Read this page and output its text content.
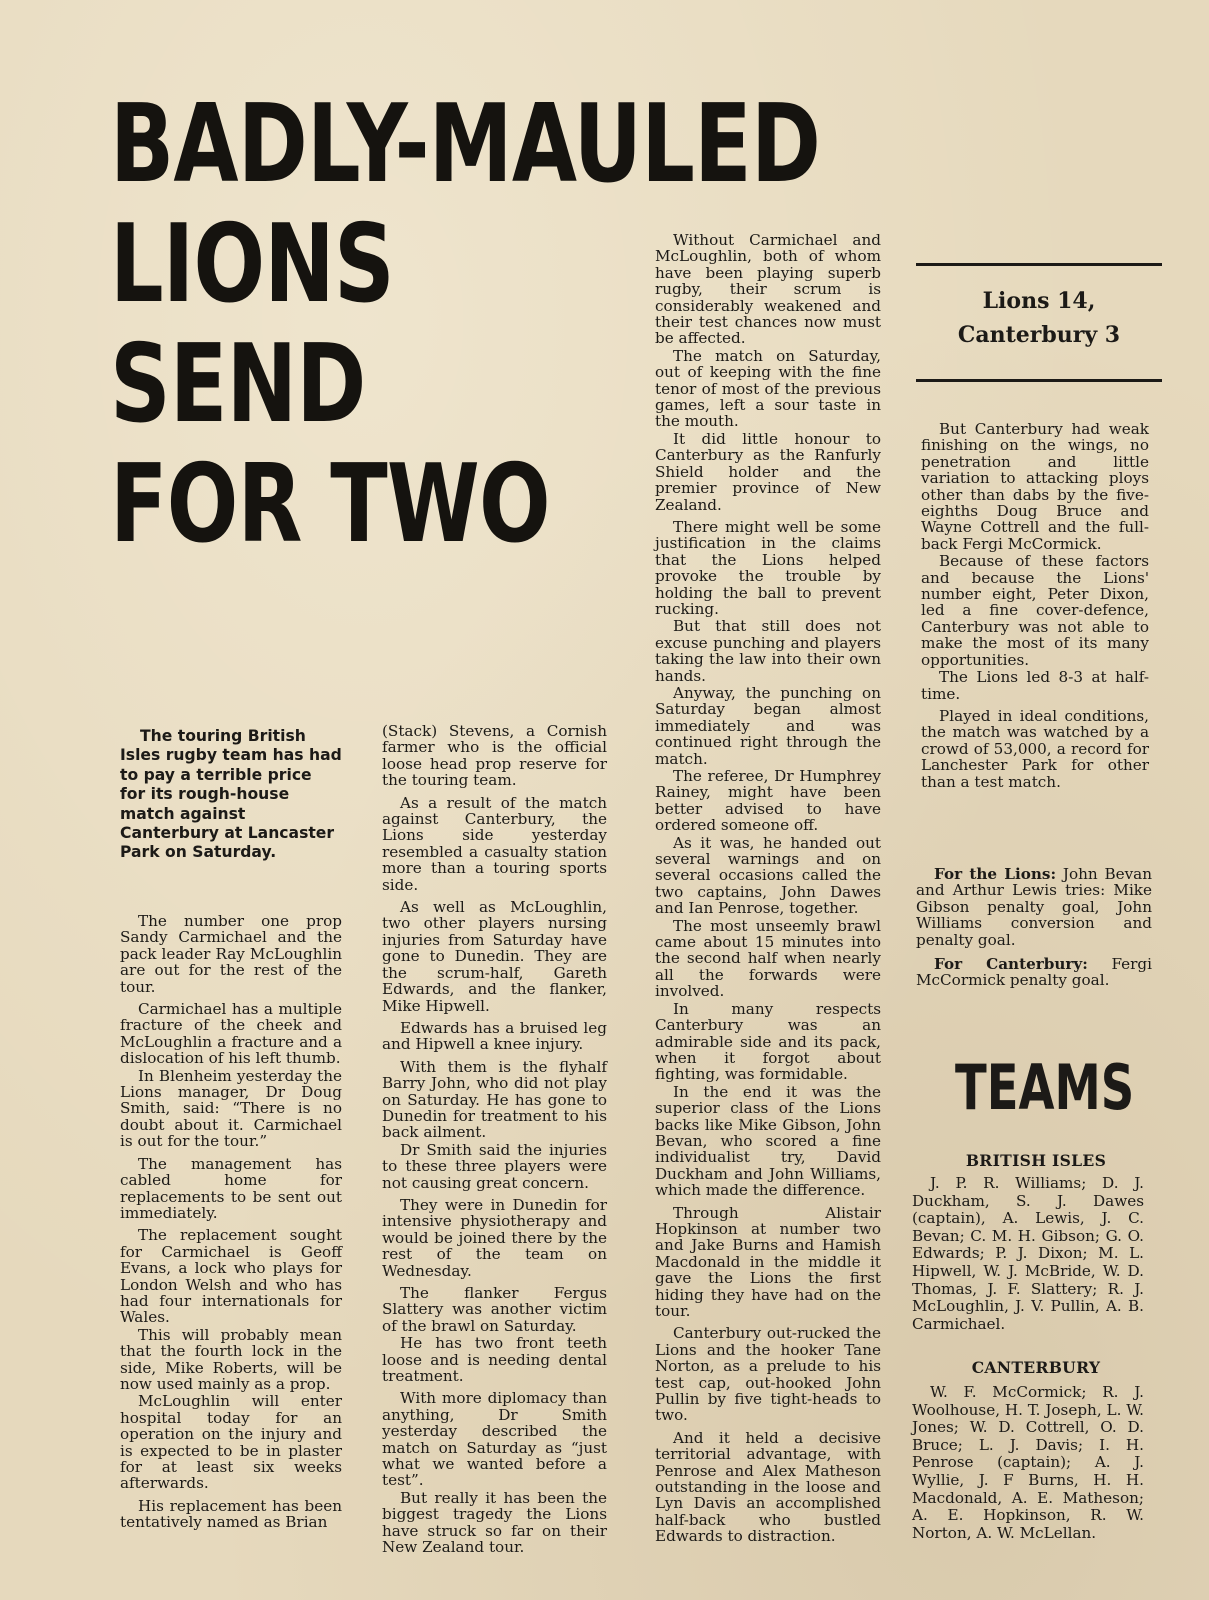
BADLY-MAULED
LIONS
SEND
FOR TWO
The touring British Isles rugby team has had to pay a terrible price for its rough-house match against Canterbury at Lancaster Park on Saturday.

The number one prop Sandy Carmichael and the pack leader Ray McLoughlin are out for the rest of the tour.

Carmichael has a multiple fracture of the cheek and McLoughlin a fracture and a dislocation of his left thumb.

In Blenheim yesterday the Lions manager, Dr Doug Smith, said: “There is no doubt about it. Carmichael is out for the tour.”

The management has cabled home for replacements to be sent out immediately.

The replacement sought for Carmichael is Geoff Evans, a lock who plays for London Welsh and who has had four internationals for Wales.

This will probably mean that the fourth lock in the side, Mike Roberts, will be now used mainly as a prop.

McLoughlin will enter hospital today for an operation on the injury and is expected to be in plaster for at least six weeks afterwards.

His replacement has been tentatively named as Brian

(Stack) Stevens, a Cornish farmer who is the official loose head prop reserve for the touring team.

As a result of the match against Canterbury, the Lions side yesterday resembled a casualty station more than a touring sports side.

As well as McLoughlin, two other players nursing injuries from Saturday have gone to Dunedin. They are the scrum-half, Gareth Edwards, and the flanker, Mike Hipwell.

Edwards has a bruised leg and Hipwell a knee injury.

With them is the flyhalf Barry John, who did not play on Saturday. He has gone to Dunedin for treatment to his back ailment.

Dr Smith said the injuries to these three players were not causing great concern.

They were in Dunedin for intensive physiotherapy and would be joined there by the rest of the team on Wednesday.

The flanker Fergus Slattery was another victim of the brawl on Saturday.

He has two front teeth loose and is needing dental treatment.

With more diplomacy than anything, Dr Smith yesterday described the match on Saturday as “just what we wanted before a test”.

But really it has been the biggest tragedy the Lions have struck so far on their New Zealand tour.

Without Carmichael and McLoughlin, both of whom have been playing superb rugby, their scrum is considerably weakened and their test chances now must be affected.

The match on Saturday, out of keeping with the fine tenor of most of the previous games, left a sour taste in the mouth.

It did little honour to Canterbury as the Ranfurly Shield holder and the premier province of New Zealand.

There might well be some justification in the claims that the Lions helped provoke the trouble by holding the ball to prevent rucking.

But that still does not excuse punching and players taking the law into their own hands.

Anyway, the punching on Saturday began almost immediately and was continued right through the match.

The referee, Dr Humphrey Rainey, might have been better advised to have ordered someone off.

As it was, he handed out several warnings and on several occasions called the two captains, John Dawes and Ian Penrose, together.

The most unseemly brawl came about 15 minutes into the second half when nearly all the forwards were involved.

In many respects Canterbury was an admirable side and its pack, when it forgot about fighting, was formidable.

In the end it was the superior class of the Lions backs like Mike Gibson, John Bevan, who scored a fine individualist try, David Duckham and John Williams, which made the difference.

Through Alistair Hopkinson at number two and Jake Burns and Hamish Macdonald in the middle it gave the Lions the first hiding they have had on the tour.

Canterbury out-rucked the Lions and the hooker Tane Norton, as a prelude to his test cap, out-hooked John Pullin by five tight-heads to two.

And it held a decisive territorial advantage, with Penrose and Alex Matheson outstanding in the loose and Lyn Davis an accomplished half-back who bustled Edwards to distraction.

Lions 14,
Canterbury 3

But Canterbury had weak finishing on the wings, no penetration and little variation to attacking ploys other than dabs by the five-eighths Doug Bruce and Wayne Cottrell and the full-back Fergi McCormick.

Because of these factors and because the Lions' number eight, Peter Dixon, led a fine cover-defence, Canterbury was not able to make the most of its many opportunities.

The Lions led 8-3 at half-time.

Played in ideal conditions, the match was watched by a crowd of 53,000, a record for Lanchester Park for other than a test match.

For the Lions: John Bevan and Arthur Lewis tries: Mike Gibson penalty goal, John Williams conversion and penalty goal.

For Canterbury: Fergi McCormick penalty goal.

TEAMS
BRITISH ISLES
J. P. R. Williams; D. J. Duckham, S. J. Dawes (captain), A. Lewis, J. C. Bevan; C. M. H. Gibson; G. O. Edwards; P. J. Dixon; M. L. Hipwell, W. J. McBride, W. D. Thomas, J. F. Slattery; R. J. McLoughlin, J. V. Pullin, A. B. Carmichael.
CANTERBURY
W. F. McCormick; R. J. Woolhouse, H. T. Joseph, L. W. Jones; W. D. Cottrell, O. D. Bruce; L. J. Davis; I. H. Penrose (captain); A. J. Wyllie, J. F Burns, H. H. Macdonald, A. E. Matheson; A. E. Hopkinson, R. W. Norton, A. W. McLellan.
